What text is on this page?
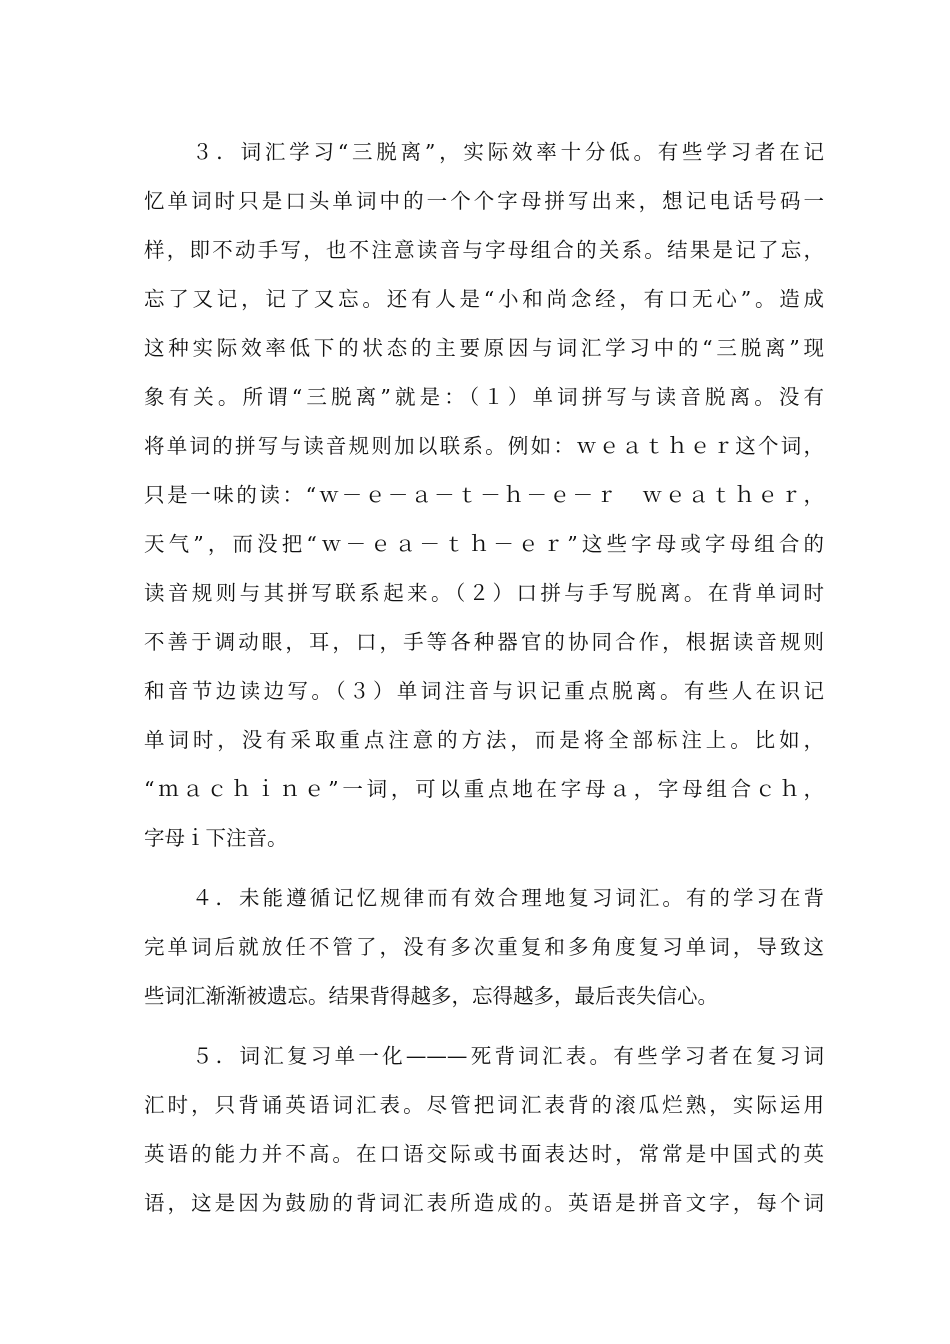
３．词汇学习“三脱离”，实际效率十分低。有些学习者在记
忆单词时只是口头单词中的一个个字母拼写出来，想记电话号码一
样，即不动手写，也不注意读音与字母组合的关系。结果是记了忘，
忘了又记，记了又忘。还有人是“小和尚念经，有口无心”。造成
这种实际效率低下的状态的主要原因与词汇学习中的“三脱离”现
象有关。所谓“三脱离”就是：（１）单词拼写与读音脱离。没有
将单词的拼写与读音规则加以联系。例如：ｗｅａｔｈｅｒ这个词，
只是一味的读：“ｗ－ｅ－ａ－ｔ－ｈ－ｅ－ｒ　ｗｅａｔｈｅｒ，
天气”，而没把“ｗ－ｅａ－ｔｈ－ｅｒ”这些字母或字母组合的
读音规则与其拼写联系起来。（２）口拼与手写脱离。在背单词时
不善于调动眼，耳，口，手等各种器官的协同合作，根据读音规则
和音节边读边写。（３）单词注音与识记重点脱离。有些人在识记
单词时，没有采取重点注意的方法，而是将全部标注上。比如，
“ｍａｃｈｉｎｅ”一词，可以重点地在字母ａ，字母组合ｃｈ，
字母ｉ下注音。
４．未能遵循记忆规律而有效合理地复习词汇。有的学习在背
完单词后就放任不管了，没有多次重复和多角度复习单词，导致这
些词汇渐渐被遗忘。结果背得越多，忘得越多，最后丧失信心。
５．词汇复习单一化———死背词汇表。有些学习者在复习词
汇时，只背诵英语词汇表。尽管把词汇表背的滚瓜烂熟，实际运用
英语的能力并不高。在口语交际或书面表达时，常常是中国式的英
语，这是因为鼓励的背词汇表所造成的。英语是拼音文字，每个词
